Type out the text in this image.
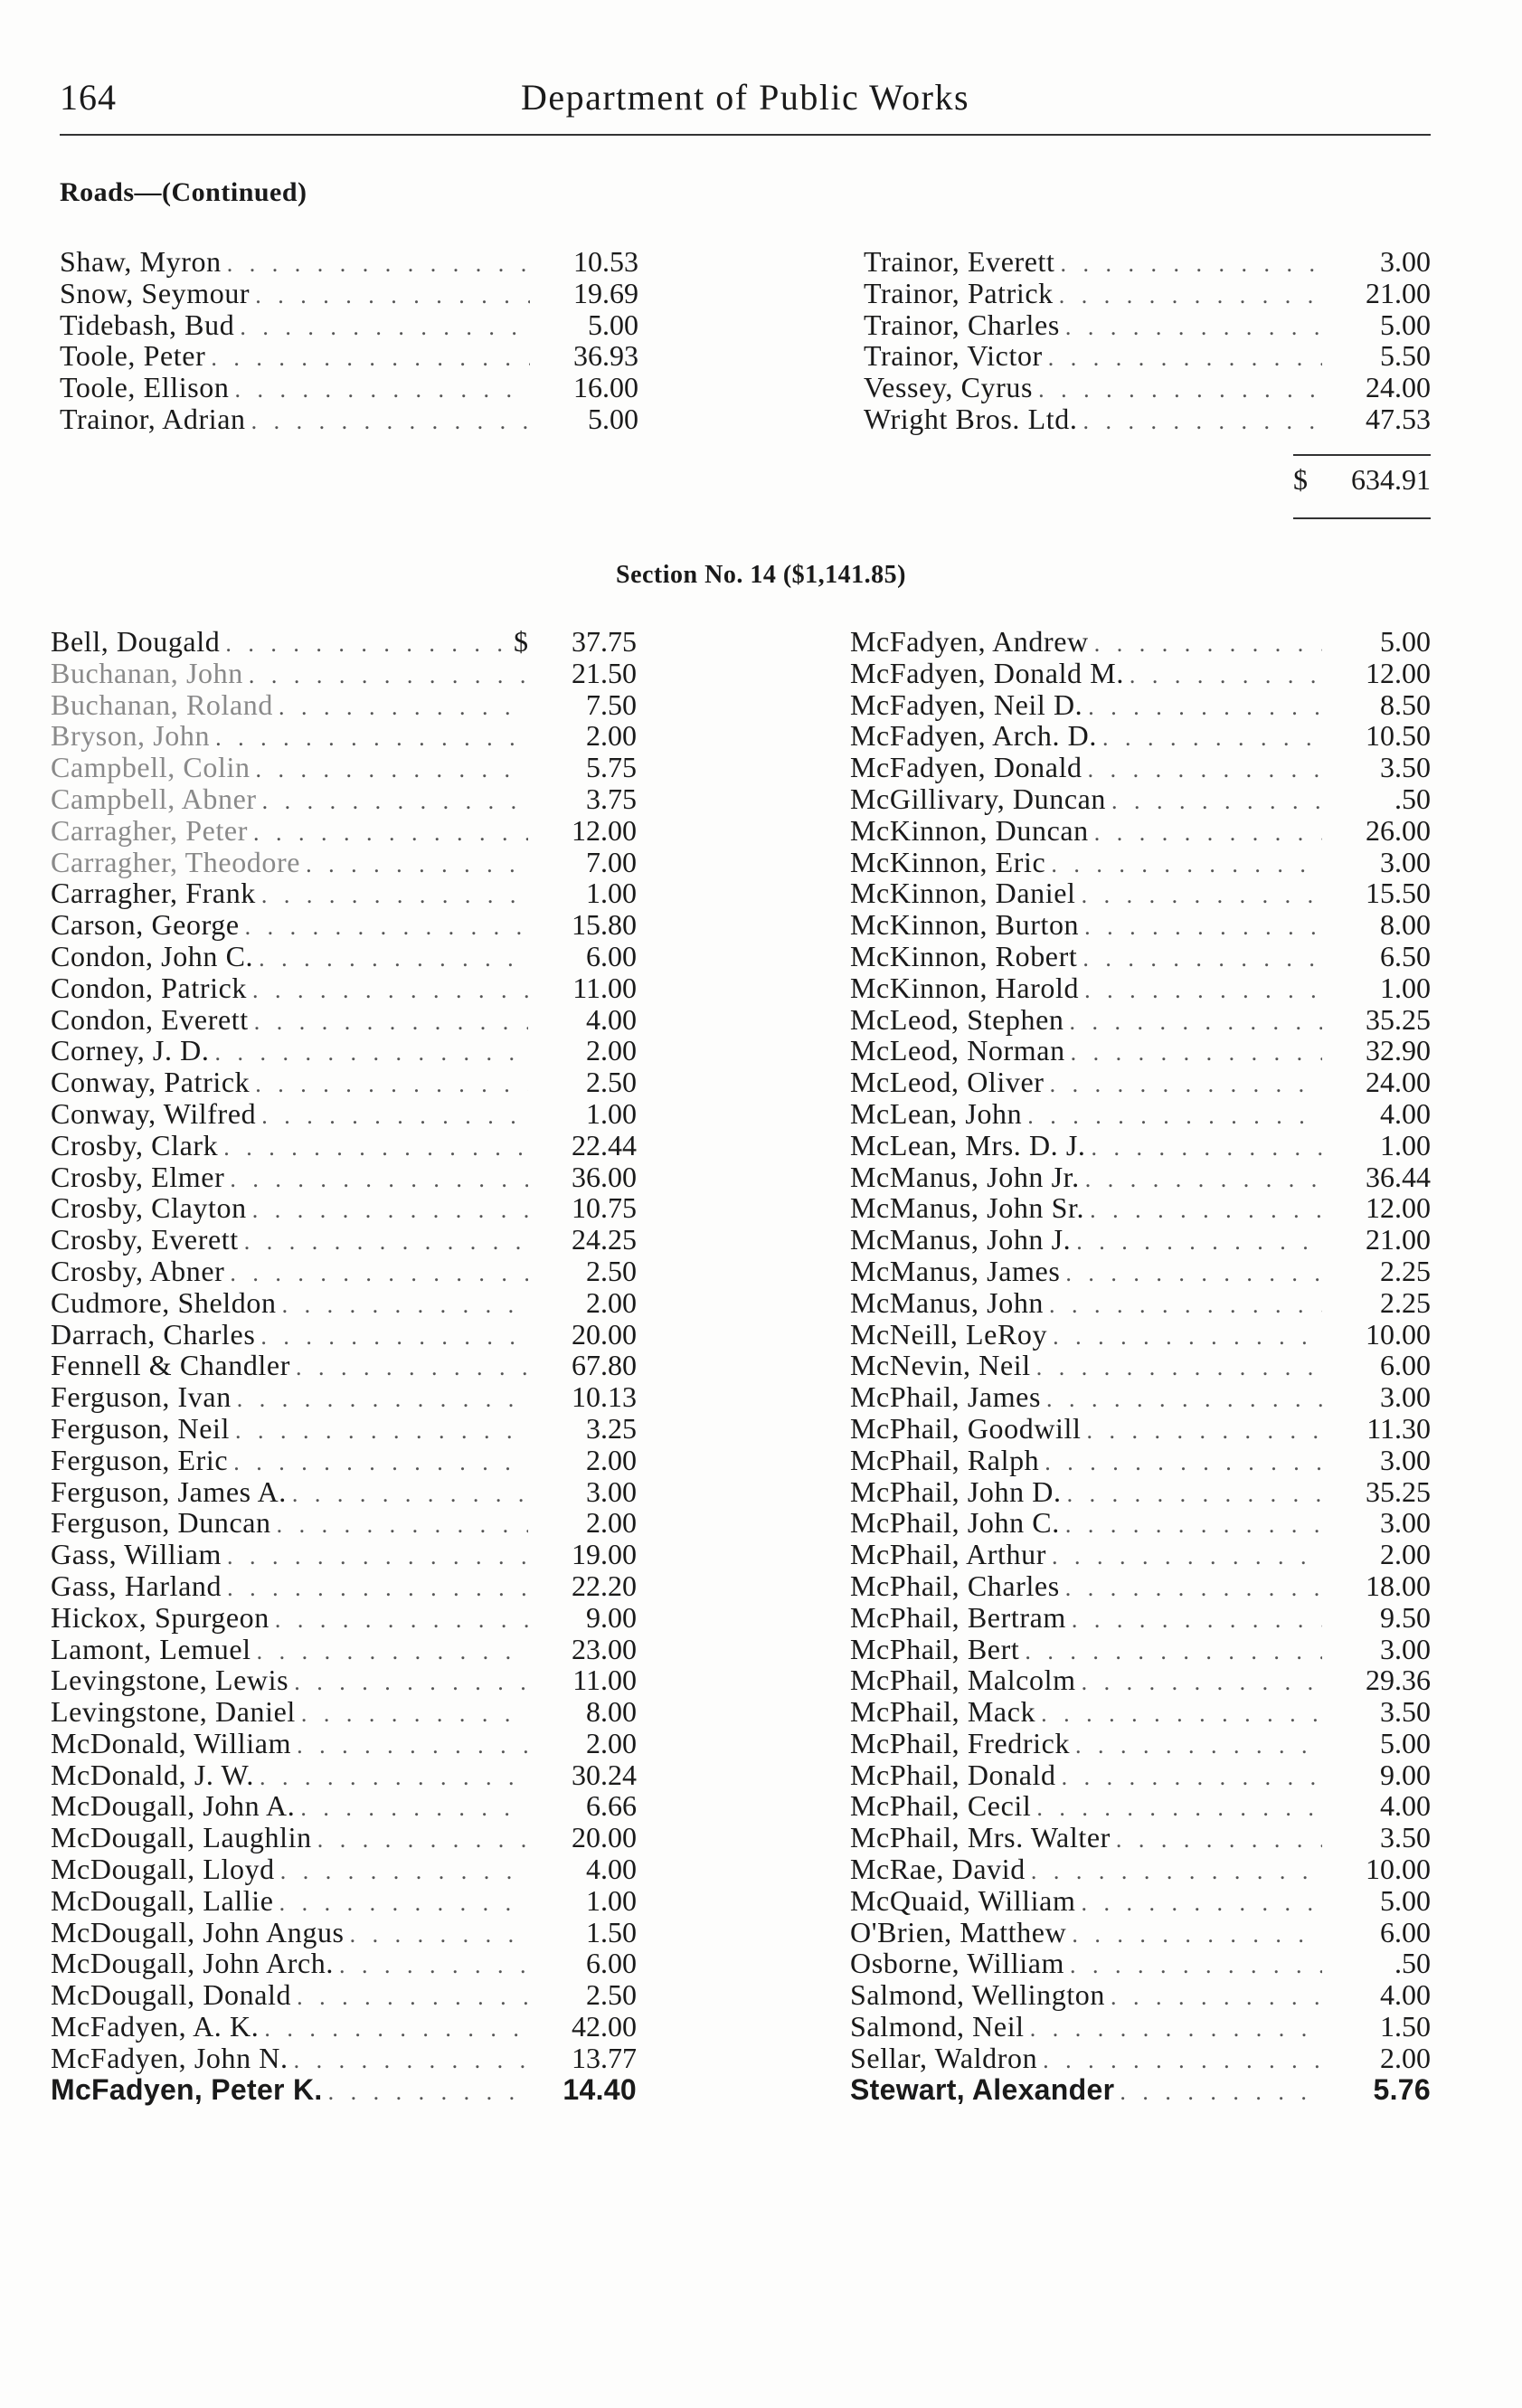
164	Department of Public Works
Roads—(Continued)
Shaw, Myron . . .	10.53
Snow, Seymour . . .	19.69
Tidebash, Bud . . .	5.00
Toole, Peter . . .	36.93
Toole, Ellison . . .	16.00
Trainor, Adrian . . .	5.00
Trainor, Everett . . .	3.00
Trainor, Patrick . . .	21.00
Trainor, Charles . . .	5.00
Trainor, Victor . . .	5.50
Vessey, Cyrus . . .	24.00
Wright Bros. Ltd. . . .	47.53
$ 634.91
Section No. 14 ($1,141.85)
Bell, Dougald . . .	$	37.75
Buchanan, John . . .	21.50
Buchanan, Roland . . .	7.50
Bryson, John . . .	2.00
Campbell, Colin . . .	5.75
Campbell, Abner . . .	3.75
Carragher, Peter . . .	12.00
Carragher, Theodore . . .	7.00
Carragher, Frank . . .	1.00
Carson, George . . .	15.80
Condon, John C. . . .	6.00
Condon, Patrick . . .	11.00
Condon, Everett . . .	4.00
Corney, J. D. . . .	2.00
Conway, Patrick . . .	2.50
Conway, Wilfred . . .	1.00
Crosby, Clark . . .	22.44
Crosby, Elmer . . .	36.00
Crosby, Clayton . . .	10.75
Crosby, Everett . . .	24.25
Crosby, Abner . . .	2.50
Cudmore, Sheldon . . .	2.00
Darrach, Charles . . .	20.00
Fennell & Chandler . . .	67.80
Ferguson, Ivan . . .	10.13
Ferguson, Neil . . .	3.25
Ferguson, Eric . . .	2.00
Ferguson, James A. . . .	3.00
Ferguson, Duncan . . .	2.00
Gass, William . . .	19.00
Gass, Harland . . .	22.20
Hickox, Spurgeon . . .	9.00
Lamont, Lemuel . . .	23.00
Levingstone, Lewis . . .	11.00
Levingstone, Daniel . . .	8.00
McDonald, William . . .	2.00
McDonald, J. W. . . .	30.24
McDougall, John A. . . .	6.66
McDougall, Laughlin . . .	20.00
McDougall, Lloyd . . .	4.00
McDougall, Lallie . . .	1.00
McDougall, John Angus . . .	1.50
McDougall, John Arch. . . .	6.00
McDougall, Donald . . .	2.50
McFadyen, A. K. . . .	42.00
McFadyen, John N. . . .	13.77
McFadyen, Peter K. . . .	14.40
McFadyen, Andrew . . .	5.00
McFadyen, Donald M. . . .	12.00
McFadyen, Neil D. . . .	8.50
McFadyen, Arch. D. . . .	10.50
McFadyen, Donald . . .	3.50
McGillivary, Duncan . . .	.50
McKinnon, Duncan . . .	26.00
McKinnon, Eric . . .	3.00
McKinnon, Daniel . . .	15.50
McKinnon, Burton . . .	8.00
McKinnon, Robert . . .	6.50
McKinnon, Harold . . .	1.00
McLeod, Stephen . . .	35.25
McLeod, Norman . . .	32.90
McLeod, Oliver . . .	24.00
McLean, John . . .	4.00
McLean, Mrs. D. J. . . .	1.00
McManus, John Jr. . . .	36.44
McManus, John Sr. . . .	12.00
McManus, John J. . . .	21.00
McManus, James . . .	2.25
McManus, John . . .	2.25
McNeill, LeRoy . . .	10.00
McNevin, Neil . . .	6.00
McPhail, James . . .	3.00
McPhail, Goodwill . . .	11.30
McPhail, Ralph . . .	3.00
McPhail, John D. . . .	35.25
McPhail, John C. . . .	3.00
McPhail, Arthur . . .	2.00
McPhail, Charles . . .	18.00
McPhail, Bertram . . .	9.50
McPhail, Bert . . .	3.00
McPhail, Malcolm . . .	29.36
McPhail, Mack . . .	3.50
McPhail, Fredrick . . .	5.00
McPhail, Donald . . .	9.00
McPhail, Cecil . . .	4.00
McPhail, Mrs. Walter . . .	3.50
McRae, David . . .	10.00
McQuaid, William . . .	5.00
O'Brien, Matthew . . .	6.00
Osborne, William . . .	.50
Salmond, Wellington . . .	4.00
Salmond, Neil . . .	1.50
Sellar, Waldron . . .	2.00
Stewart, Alexander . . .	5.76
